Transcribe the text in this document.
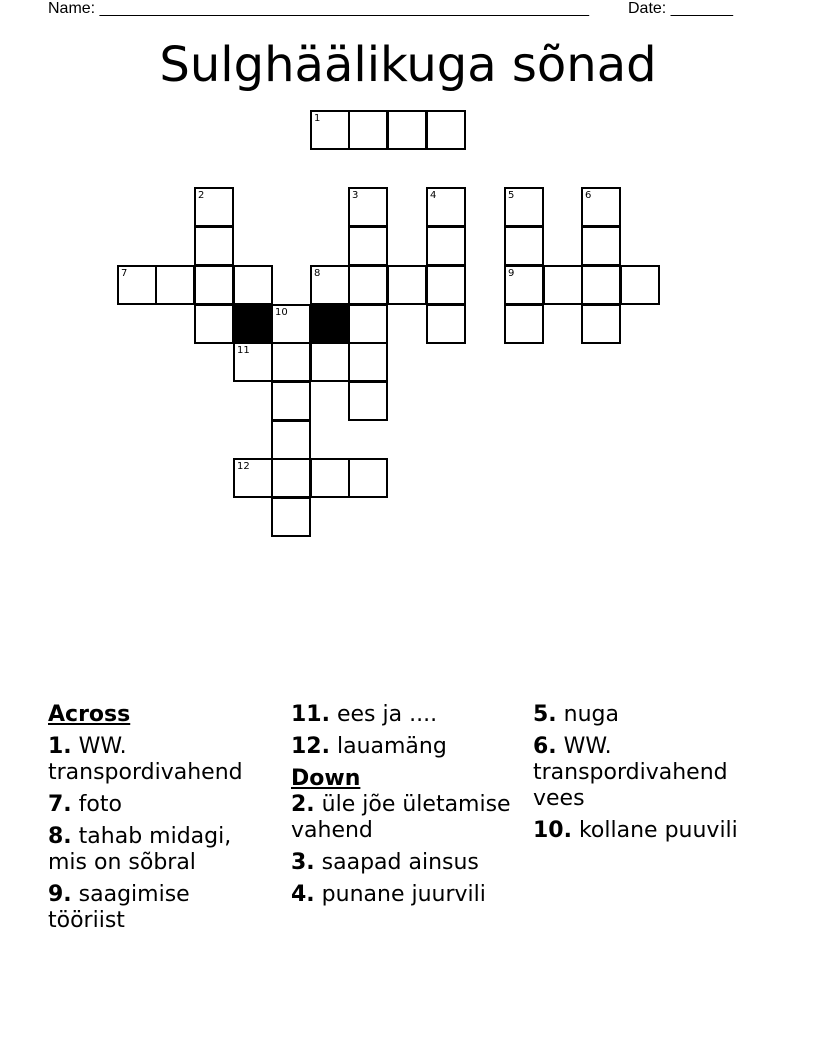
Name: _______________________________________________________ Date: _______
Sulghäälikuga sõnad
1
2	3	4	5	6
7	8	9
10
11
12
Across
1. WW. transpordivahend
7. foto
8. tahab midagi, mis on sõbral
9. saagimise tööriist
11. ees ja ....
12. lauamäng
Down
2. üle jõe ületamise vahend
3. saapad ainsus
4. punane juurvili
5. nuga
6. WW. transpordivahend vees
10. kollane puuvili
